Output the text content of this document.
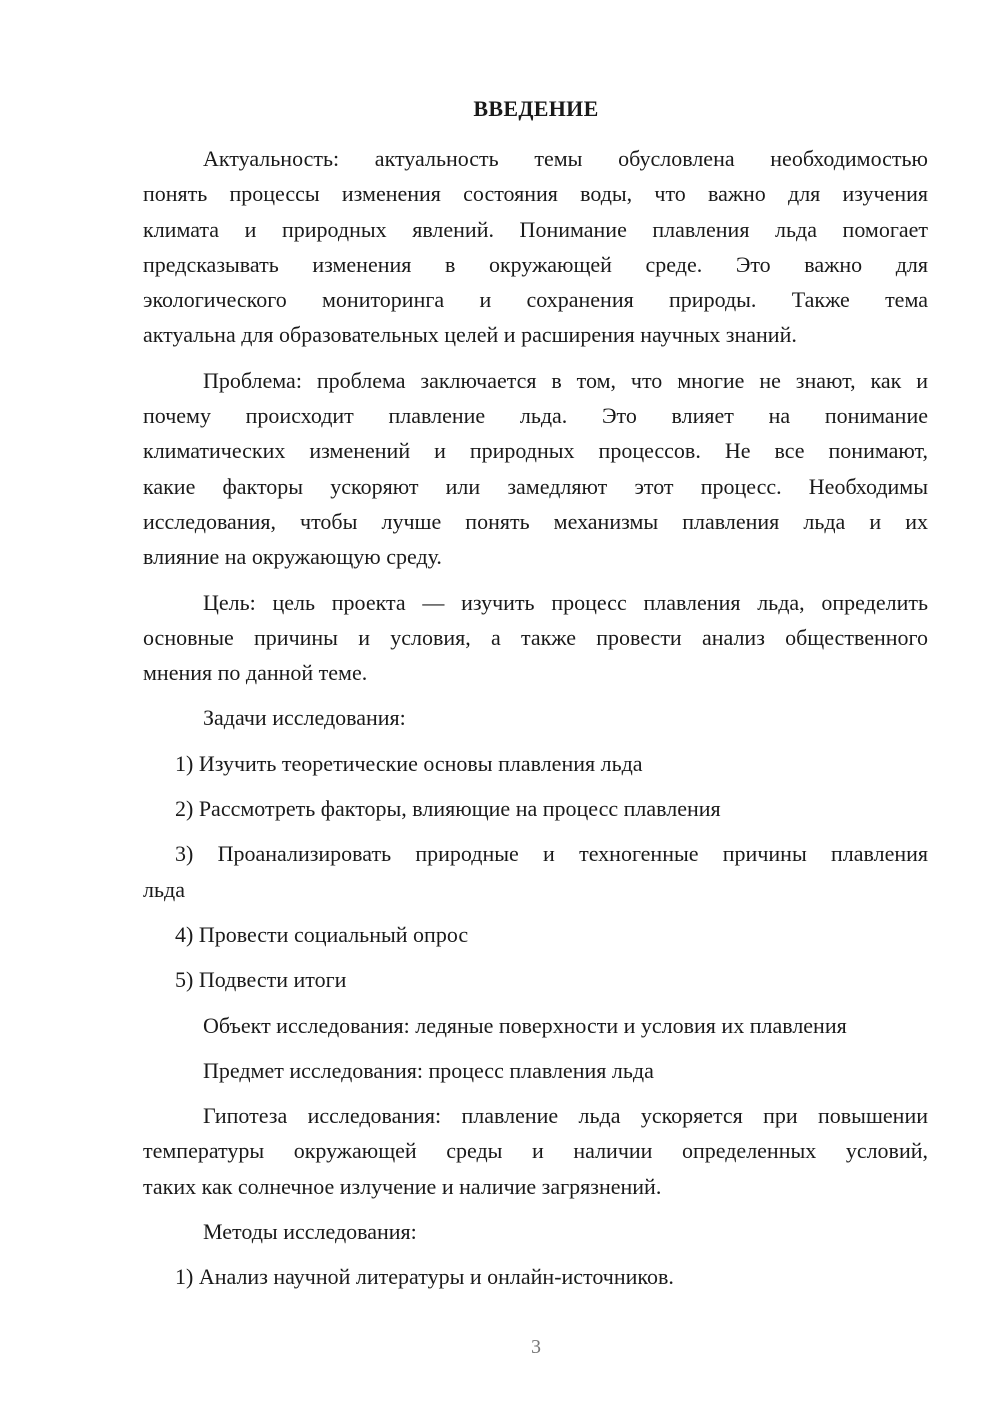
ВВЕДЕНИЕ
Актуальность: актуальность темы обусловлена необходимостью
понять процессы изменения состояния воды, что важно для изучения
климата и природных явлений. Понимание плавления льда помогает
предсказывать изменения в окружающей среде. Это важно для
экологического мониторинга и сохранения природы. Также тема
актуальна для образовательных целей и расширения научных знаний.
Проблема: проблема заключается в том, что многие не знают, как и
почему происходит плавление льда. Это влияет на понимание
климатических изменений и природных процессов. Не все понимают,
какие факторы ускоряют или замедляют этот процесс. Необходимы
исследования, чтобы лучше понять механизмы плавления льда и их
влияние на окружающую среду.
Цель: цель проекта — изучить процесс плавления льда, определить
основные причины и условия, а также провести анализ общественного
мнения по данной теме.
Задачи исследования:
1) Изучить теоретические основы плавления льда
2) Рассмотреть факторы, влияющие на процесс плавления
3) Проанализировать природные и техногенные причины плавления
льда
4) Провести социальный опрос
5) Подвести итоги
Объект исследования: ледяные поверхности и условия их плавления
Предмет исследования: процесс плавления льда
Гипотеза исследования: плавление льда ускоряется при повышении
температуры окружающей среды и наличии определенных условий,
таких как солнечное излучение и наличие загрязнений.
Методы исследования:
1) Анализ научной литературы и онлайн-источников.
3
